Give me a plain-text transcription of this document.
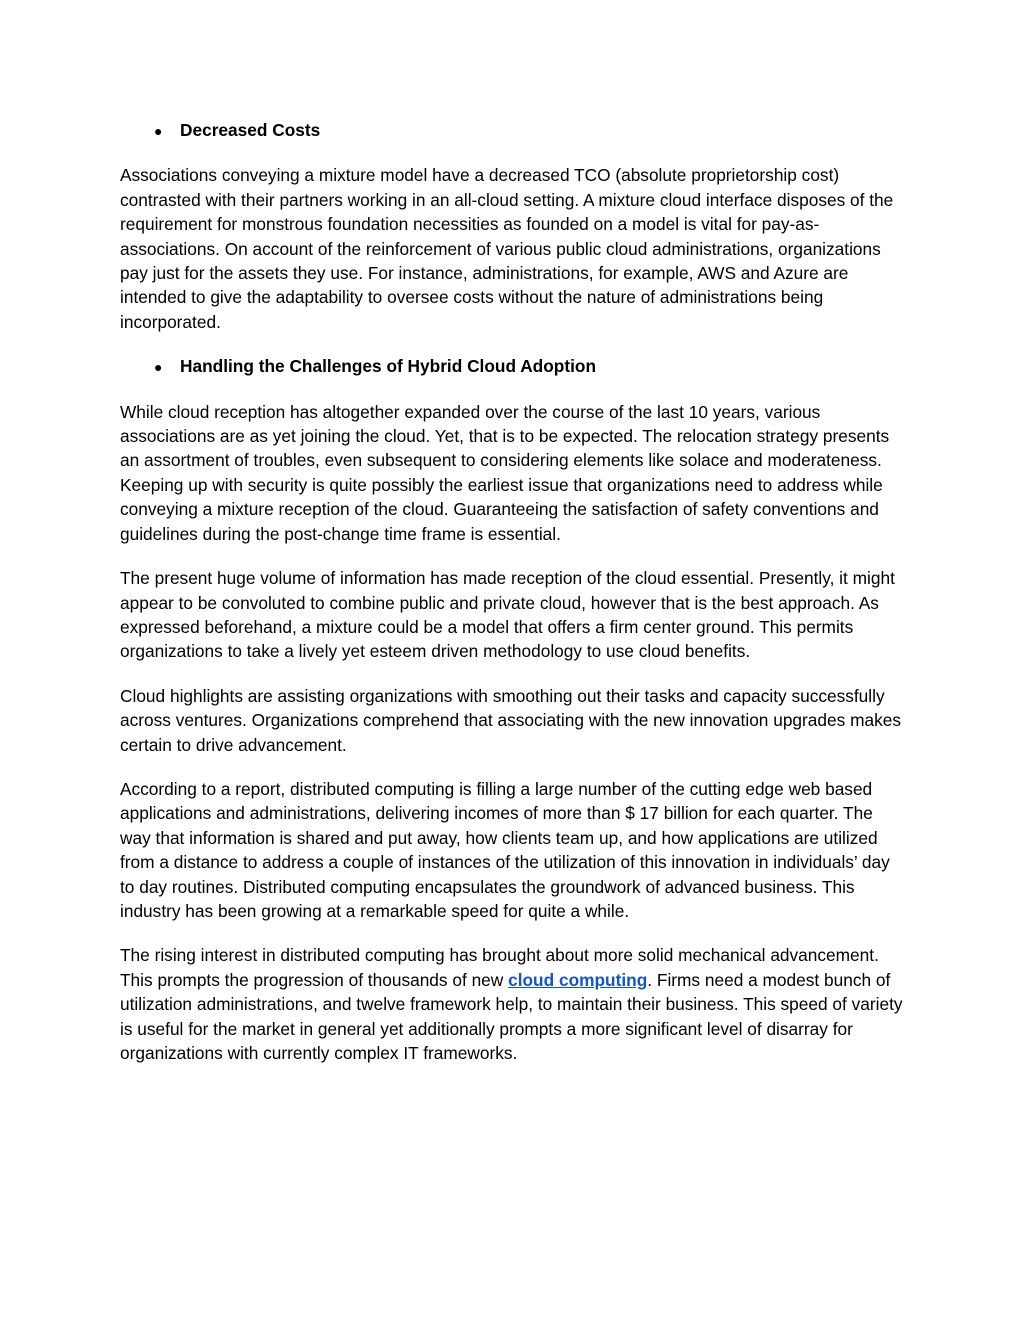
●	Decreased Costs

Associations conveying a mixture model have a decreased TCO (absolute proprietorship cost) contrasted with their partners working in an all-cloud setting. A mixture cloud interface disposes of the requirement for monstrous foundation necessities as founded on a model is vital for pay-as-associations. On account of the reinforcement of various public cloud administrations, organizations pay just for the assets they use. For instance, administrations, for example, AWS and Azure are intended to give the adaptability to oversee costs without the nature of administrations being incorporated.

●	Handling the Challenges of Hybrid Cloud Adoption

While cloud reception has altogether expanded over the course of the last 10 years, various associations are as yet joining the cloud. Yet, that is to be expected. The relocation strategy presents an assortment of troubles, even subsequent to considering elements like solace and moderateness. Keeping up with security is quite possibly the earliest issue that organizations need to address while conveying a mixture reception of the cloud. Guaranteeing the satisfaction of safety conventions and guidelines during the post-change time frame is essential.

The present huge volume of information has made reception of the cloud essential. Presently, it might appear to be convoluted to combine public and private cloud, however that is the best approach. As expressed beforehand, a mixture could be a model that offers a firm center ground. This permits organizations to take a lively yet esteem driven methodology to use cloud benefits.

Cloud highlights are assisting organizations with smoothing out their tasks and capacity successfully across ventures. Organizations comprehend that associating with the new innovation upgrades makes certain to drive advancement.

According to a report, distributed computing is filling a large number of the cutting edge web based applications and administrations, delivering incomes of more than $ 17 billion for each quarter. The way that information is shared and put away, how clients team up, and how applications are utilized from a distance to address a couple of instances of the utilization of this innovation in individuals’ day to day routines. Distributed computing encapsulates the groundwork of advanced business. This industry has been growing at a remarkable speed for quite a while.

The rising interest in distributed computing has brought about more solid mechanical advancement. This prompts the progression of thousands of new cloud computing. Firms need a modest bunch of utilization administrations, and twelve framework help, to maintain their business. This speed of variety is useful for the market in general yet additionally prompts a more significant level of disarray for organizations with currently complex IT frameworks.
